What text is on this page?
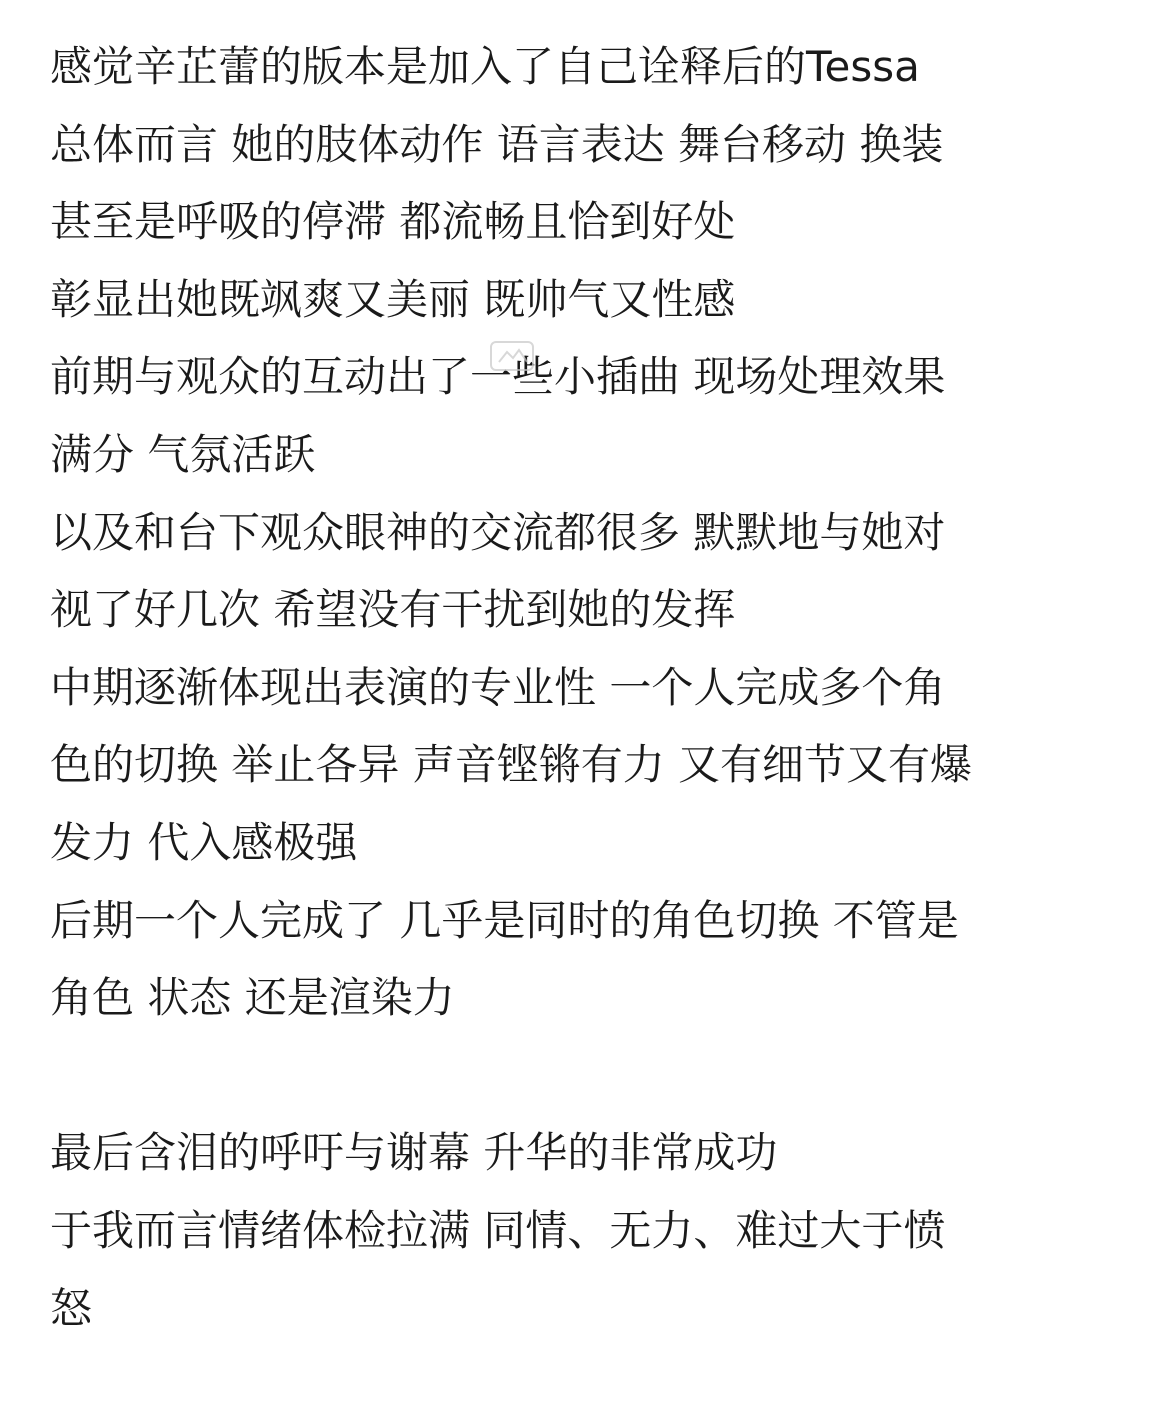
感觉辛芷蕾的版本是加入了自己诠释后的Tessa
总体而言 她的肢体动作 语言表达 舞台移动 换装
甚至是呼吸的停滞 都流畅且恰到好处
彰显出她既飒爽又美丽 既帅气又性感
前期与观众的互动出了一些小插曲 现场处理效果
满分 气氛活跃
以及和台下观众眼神的交流都很多 默默地与她对
视了好几次 希望没有干扰到她的发挥
中期逐渐体现出表演的专业性 一个人完成多个角
色的切换 举止各异 声音铿锵有力 又有细节又有爆
发力 代入感极强
后期一个人完成了 几乎是同时的角色切换 不管是
角色 状态 还是渲染力
最后含泪的呼吁与谢幕 升华的非常成功
于我而言情绪体检拉满 同情、无力、难过大于愤
怒
